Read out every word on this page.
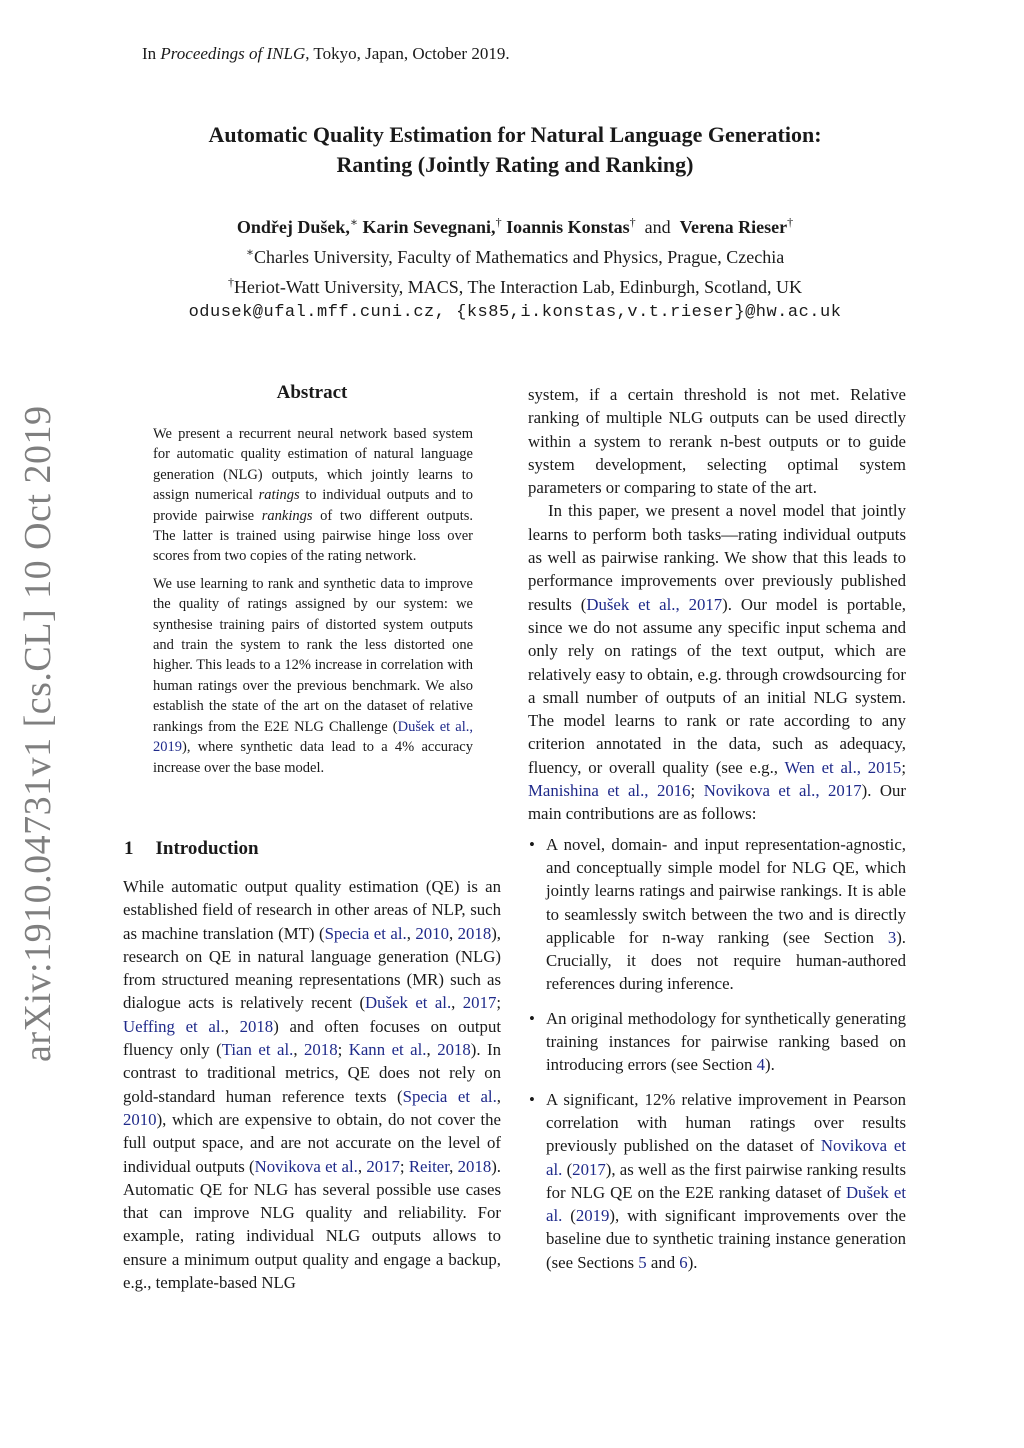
In Proceedings of INLG, Tokyo, Japan, October 2019.
Automatic Quality Estimation for Natural Language Generation:
Ranting (Jointly Rating and Ranking)
Ondřej Dušek,∗ Karin Sevegnani,† Ioannis Konstas† and Verena Rieser†
∗Charles University, Faculty of Mathematics and Physics, Prague, Czechia
†Heriot-Watt University, MACS, The Interaction Lab, Edinburgh, Scotland, UK
odusek@ufal.mff.cuni.cz, {ks85,i.konstas,v.t.rieser}@hw.ac.uk
arXiv:1910.04731v1 [cs.CL] 10 Oct 2019
Abstract

We present a recurrent neural network based system for automatic quality estimation of natural language generation (NLG) outputs, which jointly learns to assign numerical ratings to individual outputs and to provide pairwise rankings of two different outputs. The latter is trained using pairwise hinge loss over scores from two copies of the rating network.

We use learning to rank and synthetic data to improve the quality of ratings assigned by our system: we synthesise training pairs of distorted system outputs and train the system to rank the less distorted one higher. This leads to a 12% increase in correlation with human ratings over the previous benchmark. We also establish the state of the art on the dataset of relative rankings from the E2E NLG Challenge (Dušek et al., 2019), where synthetic data lead to a 4% accuracy increase over the base model.

1 Introduction

While automatic output quality estimation (QE) is an established field of research in other areas of NLP, such as machine translation (MT) (Specia et al., 2010, 2018), research on QE in natural language generation (NLG) from structured meaning representations (MR) such as dialogue acts is relatively recent (Dušek et al., 2017; Ueffing et al., 2018) and often focuses on output fluency only (Tian et al., 2018; Kann et al., 2018). In contrast to traditional metrics, QE does not rely on gold-standard human reference texts (Specia et al., 2010), which are expensive to obtain, do not cover the full output space, and are not accurate on the level of individual outputs (Novikova et al., 2017; Reiter, 2018). Automatic QE for NLG has several possible use cases that can improve NLG quality and reliability. For example, rating individual NLG outputs allows to ensure a minimum output quality and engage a backup, e.g., template-based NLG

system, if a certain threshold is not met. Relative ranking of multiple NLG outputs can be used directly within a system to rerank n-best outputs or to guide system development, selecting optimal system parameters or comparing to state of the art.

In this paper, we present a novel model that jointly learns to perform both tasks—rating individual outputs as well as pairwise ranking. We show that this leads to performance improvements over previously published results (Dušek et al., 2017). Our model is portable, since we do not assume any specific input schema and only rely on ratings of the text output, which are relatively easy to obtain, e.g. through crowdsourcing for a small number of outputs of an initial NLG system. The model learns to rank or rate according to any criterion annotated in the data, such as adequacy, fluency, or overall quality (see e.g., Wen et al., 2015; Manishina et al., 2016; Novikova et al., 2017). Our main contributions are as follows:

• A novel, domain- and input representation-agnostic, and conceptually simple model for NLG QE, which jointly learns ratings and pairwise rankings. It is able to seamlessly switch between the two and is directly applicable for n-way ranking (see Section 3). Crucially, it does not require human-authored references during inference.
• An original methodology for synthetically generating training instances for pairwise ranking based on introducing errors (see Section 4).
• A significant, 12% relative improvement in Pearson correlation with human ratings over results previously published on the dataset of Novikova et al. (2017), as well as the first pairwise ranking results for NLG QE on the E2E ranking dataset of Dušek et al. (2019), with significant improvements over the baseline due to synthetic training instance generation (see Sections 5 and 6).
